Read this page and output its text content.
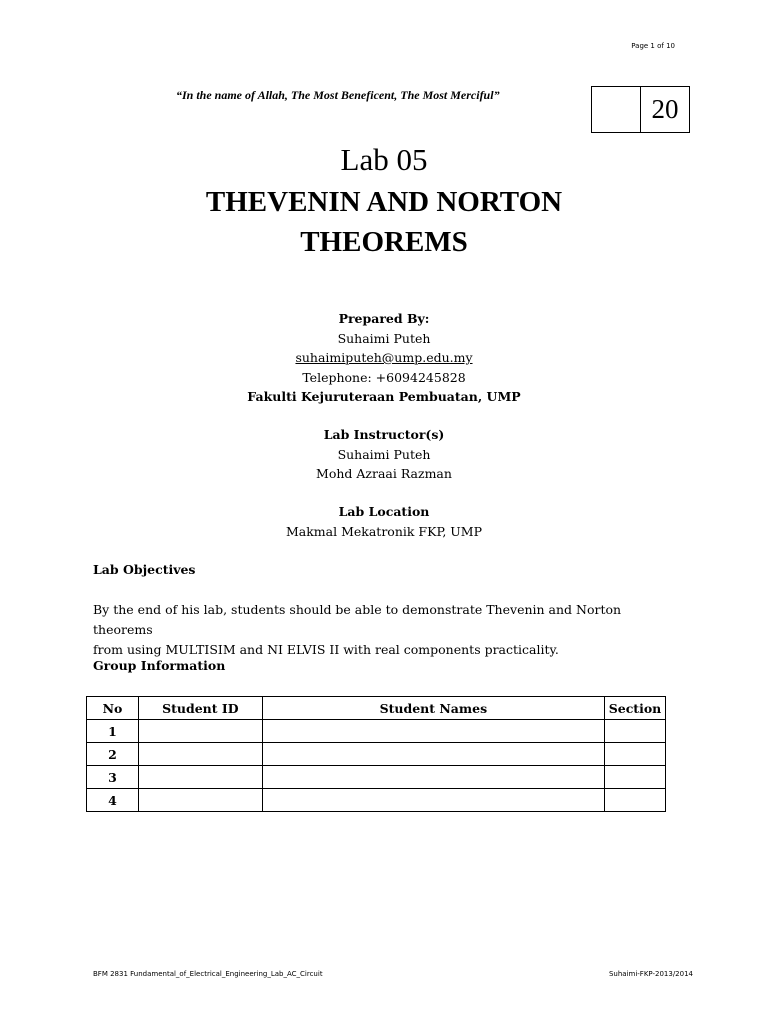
Page 1 of 10
“In the name of Allah, The Most Beneficent, The Most Merciful”	20
Lab 05
THEVENIN AND NORTON
THEOREMS
Prepared By:
Suhaimi Puteh
suhaimiputeh@ump.edu.my
Telephone: +6094245828
Fakulti Kejuruteraan Pembuatan, UMP
Lab Instructor(s)
Suhaimi Puteh
Mohd Azraai Razman
Lab Location
Makmal Mekatronik FKP, UMP
Lab Objectives
By the end of his lab, students should be able to demonstrate Thevenin and Norton theorems
from using MULTISIM and NI ELVIS II with real components practicality.
Group Information
No	Student ID	Student Names	Section
1			
2			
3			
4			
BFM 2831 Fundamental_of_Electrical_Engineering_Lab_AC_Circuit	Suhaimi-FKP-2013/2014
